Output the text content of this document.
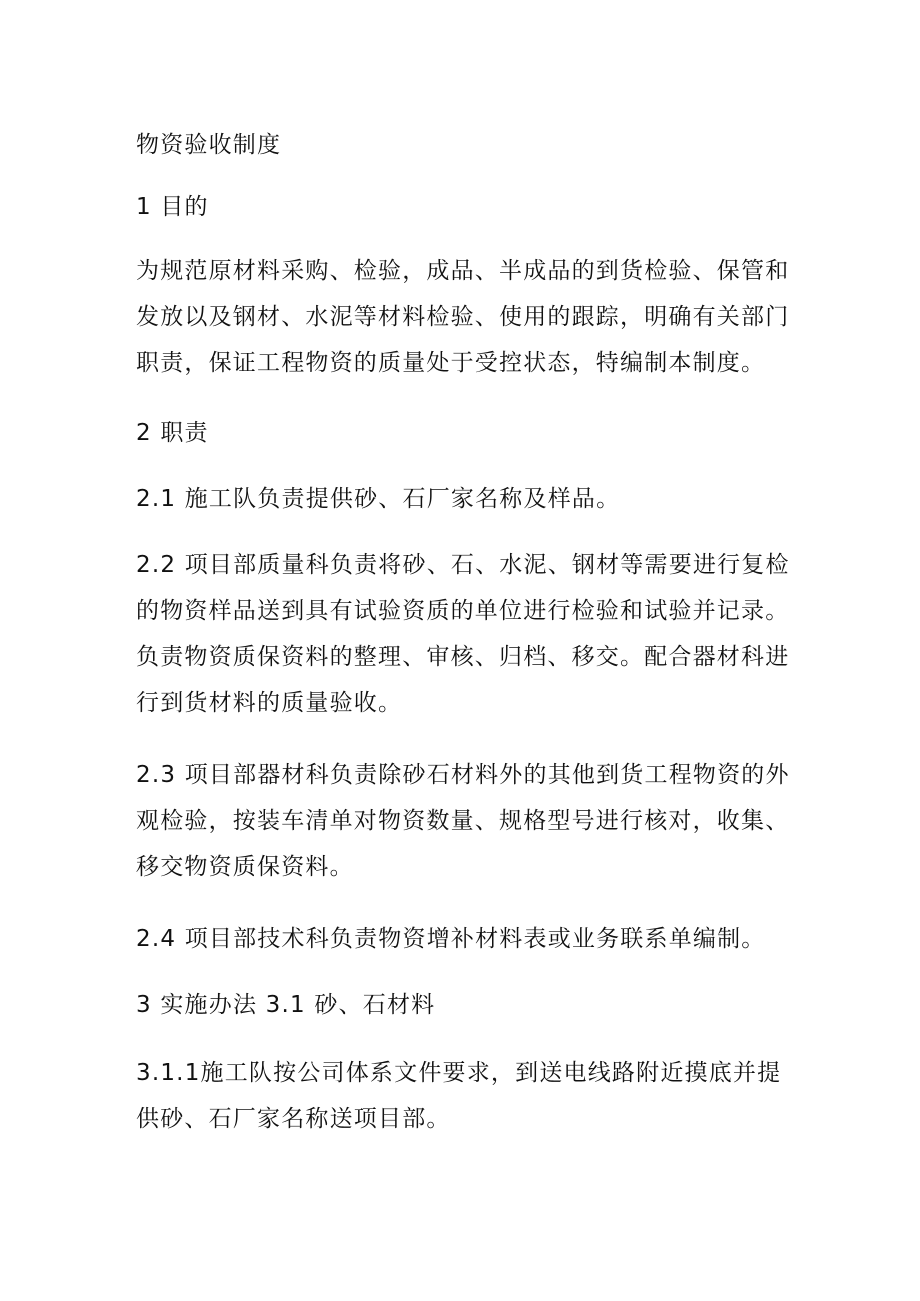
物资验收制度

1 目的

为规范原材料采购、检验，成品、半成品的到货检验、保管和发放以及钢材、水泥等材料检验、使用的跟踪，明确有关部门职责，保证工程物资的质量处于受控状态，特编制本制度。

2 职责

2.1 施工队负责提供砂、石厂家名称及样品。

2.2 项目部质量科负责将砂、石、水泥、钢材等需要进行复检的物资样品送到具有试验资质的单位进行检验和试验并记录。负责物资质保资料的整理、审核、归档、移交。配合器材科进行到货材料的质量验收。

2.3 项目部器材科负责除砂石材料外的其他到货工程物资的外观检验，按装车清单对物资数量、规格型号进行核对，收集、移交物资质保资料。

2.4 项目部技术科负责物资增补材料表或业务联系单编制。

3 实施办法 3.1 砂、石材料

3.1.1施工队按公司体系文件要求，到送电线路附近摸底并提供砂、石厂家名称送项目部。
